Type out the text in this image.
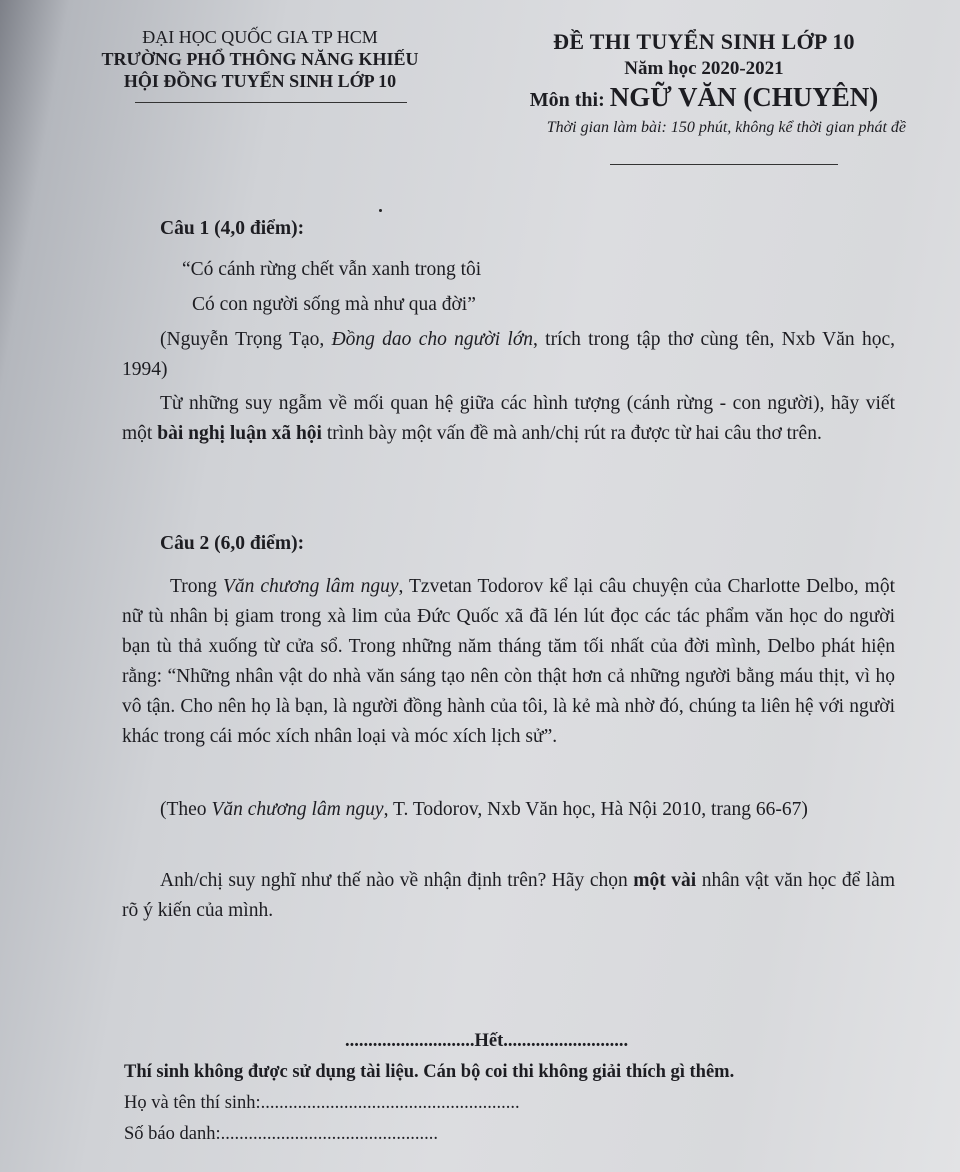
ĐẠI HỌC QUỐC GIA TP HCM
TRƯỜNG PHỔ THÔNG NĂNG KHIẾU
HỘI ĐỒNG TUYỂN SINH LỚP 10
ĐỀ THI TUYỂN SINH LỚP 10
Năm học 2020-2021
Môn thi: NGỮ VĂN (CHUYÊN)
Thời gian làm bài: 150 phút, không kể thời gian phát đề
Câu 1 (4,0 điểm):
“Có cánh rừng chết vẫn xanh trong tôi
Có con người sống mà như qua đời”
(Nguyễn Trọng Tạo, Đồng dao cho người lớn, trích trong tập thơ cùng tên, Nxb Văn học, 1994)
Từ những suy ngẫm về mối quan hệ giữa các hình tượng (cánh rừng - con người), hãy viết một bài nghị luận xã hội trình bày một vấn đề mà anh/chị rút ra được từ hai câu thơ trên.
Câu 2 (6,0 điểm):
Trong Văn chương lâm nguy, Tzvetan Todorov kể lại câu chuyện của Charlotte Delbo, một nữ tù nhân bị giam trong xà lim của Đức Quốc xã đã lén lút đọc các tác phẩm văn học do người bạn tù thả xuống từ cửa sổ. Trong những năm tháng tăm tối nhất của đời mình, Delbo phát hiện rằng: “Những nhân vật do nhà văn sáng tạo nên còn thật hơn cả những người bằng máu thịt, vì họ vô tận. Cho nên họ là bạn, là người đồng hành của tôi, là kẻ mà nhờ đó, chúng ta liên hệ với người khác trong cái móc xích nhân loại và móc xích lịch sử”.
(Theo Văn chương lâm nguy, T. Todorov, Nxb Văn học, Hà Nội 2010, trang 66-67)
Anh/chị suy nghĩ như thế nào về nhận định trên? Hãy chọn một vài nhân vật văn học để làm rõ ý kiến của mình.
............................Hết...........................
Thí sinh không được sử dụng tài liệu. Cán bộ coi thi không giải thích gì thêm.
Họ và tên thí sinh:........................................................
Số báo danh:...............................................
